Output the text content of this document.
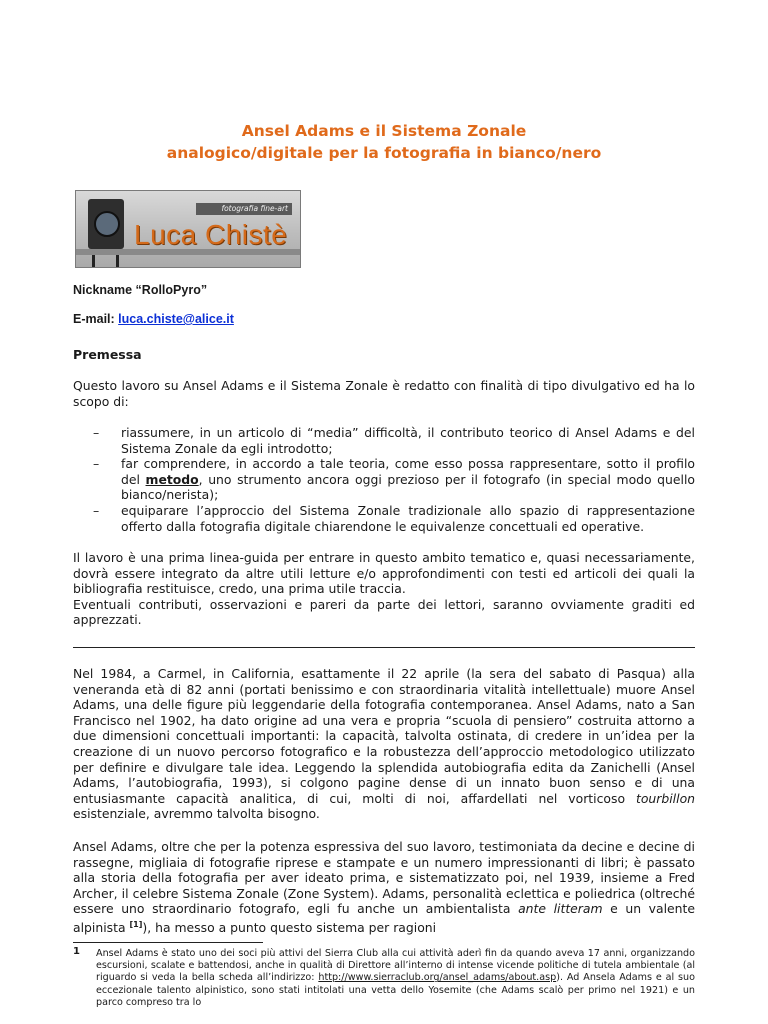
Ansel Adams e il Sistema Zonale
analogico/digitale per la fotografia in bianco/nero
fotografia fine-art
Luca Chistè
Nickname “RolloPyro”
E-mail: luca.chiste@alice.it
Premessa

Questo lavoro su Ansel Adams e il Sistema Zonale è redatto con finalità di tipo divulgativo ed ha lo scopo di:

– riassumere, in un articolo di “media” difficoltà, il contributo teorico di Ansel Adams e del Sistema Zonale da egli introdotto;
– far comprendere, in accordo a tale teoria, come esso possa rappresentare, sotto il profilo del metodo, uno strumento ancora oggi prezioso per il fotografo (in special modo quello bianco/nerista);
– equiparare l’approccio del Sistema Zonale tradizionale allo spazio di rappresentazione offerto dalla fotografia digitale chiarendone le equivalenze concettuali ed operative.
Il lavoro è una prima linea-guida per entrare in questo ambito tematico e, quasi necessariamente, dovrà essere integrato da altre utili letture e/o approfondimenti con testi ed articoli dei quali la bibliografia restituisce, credo, una prima utile traccia.
Eventuali contributi, osservazioni e pareri da parte dei lettori, saranno ovviamente graditi ed apprezzati.

Nel 1984, a Carmel, in California, esattamente il 22 aprile (la sera del sabato di Pasqua) alla veneranda età di 82 anni (portati benissimo e con straordinaria vitalità intellettuale) muore Ansel Adams, una delle figure più leggendarie della fotografia contemporanea. Ansel Adams, nato a San Francisco nel 1902, ha dato origine ad una vera e propria “scuola di pensiero” costruita attorno a due dimensioni concettuali importanti: la capacità, talvolta ostinata, di credere in un’idea per la creazione di un nuovo percorso fotografico e la robustezza dell’approccio metodologico utilizzato per definire e divulgare tale idea. Leggendo la splendida autobiografia edita da Zanichelli (Ansel Adams, l’autobiografia, 1993), si colgono pagine dense di un innato buon senso e di una entusiasmante capacità analitica, di cui, molti di noi, affardellati nel vorticoso tourbillon esistenziale, avremmo talvolta bisogno.

Ansel Adams, oltre che per la potenza espressiva del suo lavoro, testimoniata da decine e decine di rassegne, migliaia di fotografie riprese e stampate e un numero impressionanti di libri; è passato alla storia della fotografia per aver ideato prima, e sistematizzato poi, nel 1939, insieme a Fred Archer, il celebre Sistema Zonale (Zone System). Adams, personalità eclettica e poliedrica (oltreché essere uno straordinario fotografo, egli fu anche un ambientalista ante litteram e un valente alpinista [1]), ha messo a punto questo sistema per ragioni

1 Ansel Adams è stato uno dei soci più attivi del Sierra Club alla cui attività aderì fin da quando aveva 17 anni, organizzando escursioni, scalate e battendosi, anche in qualità di Direttore all’interno di intense vicende politiche di tutela ambientale (al riguardo si veda la bella scheda all’indirizzo: http://www.sierraclub.org/ansel_adams/about.asp). Ad Ansela Adams e al suo eccezionale talento alpinistico, sono stati intitolati una vetta dello Yosemite (che Adams scalò per primo nel 1921) e un parco compreso tra lo
